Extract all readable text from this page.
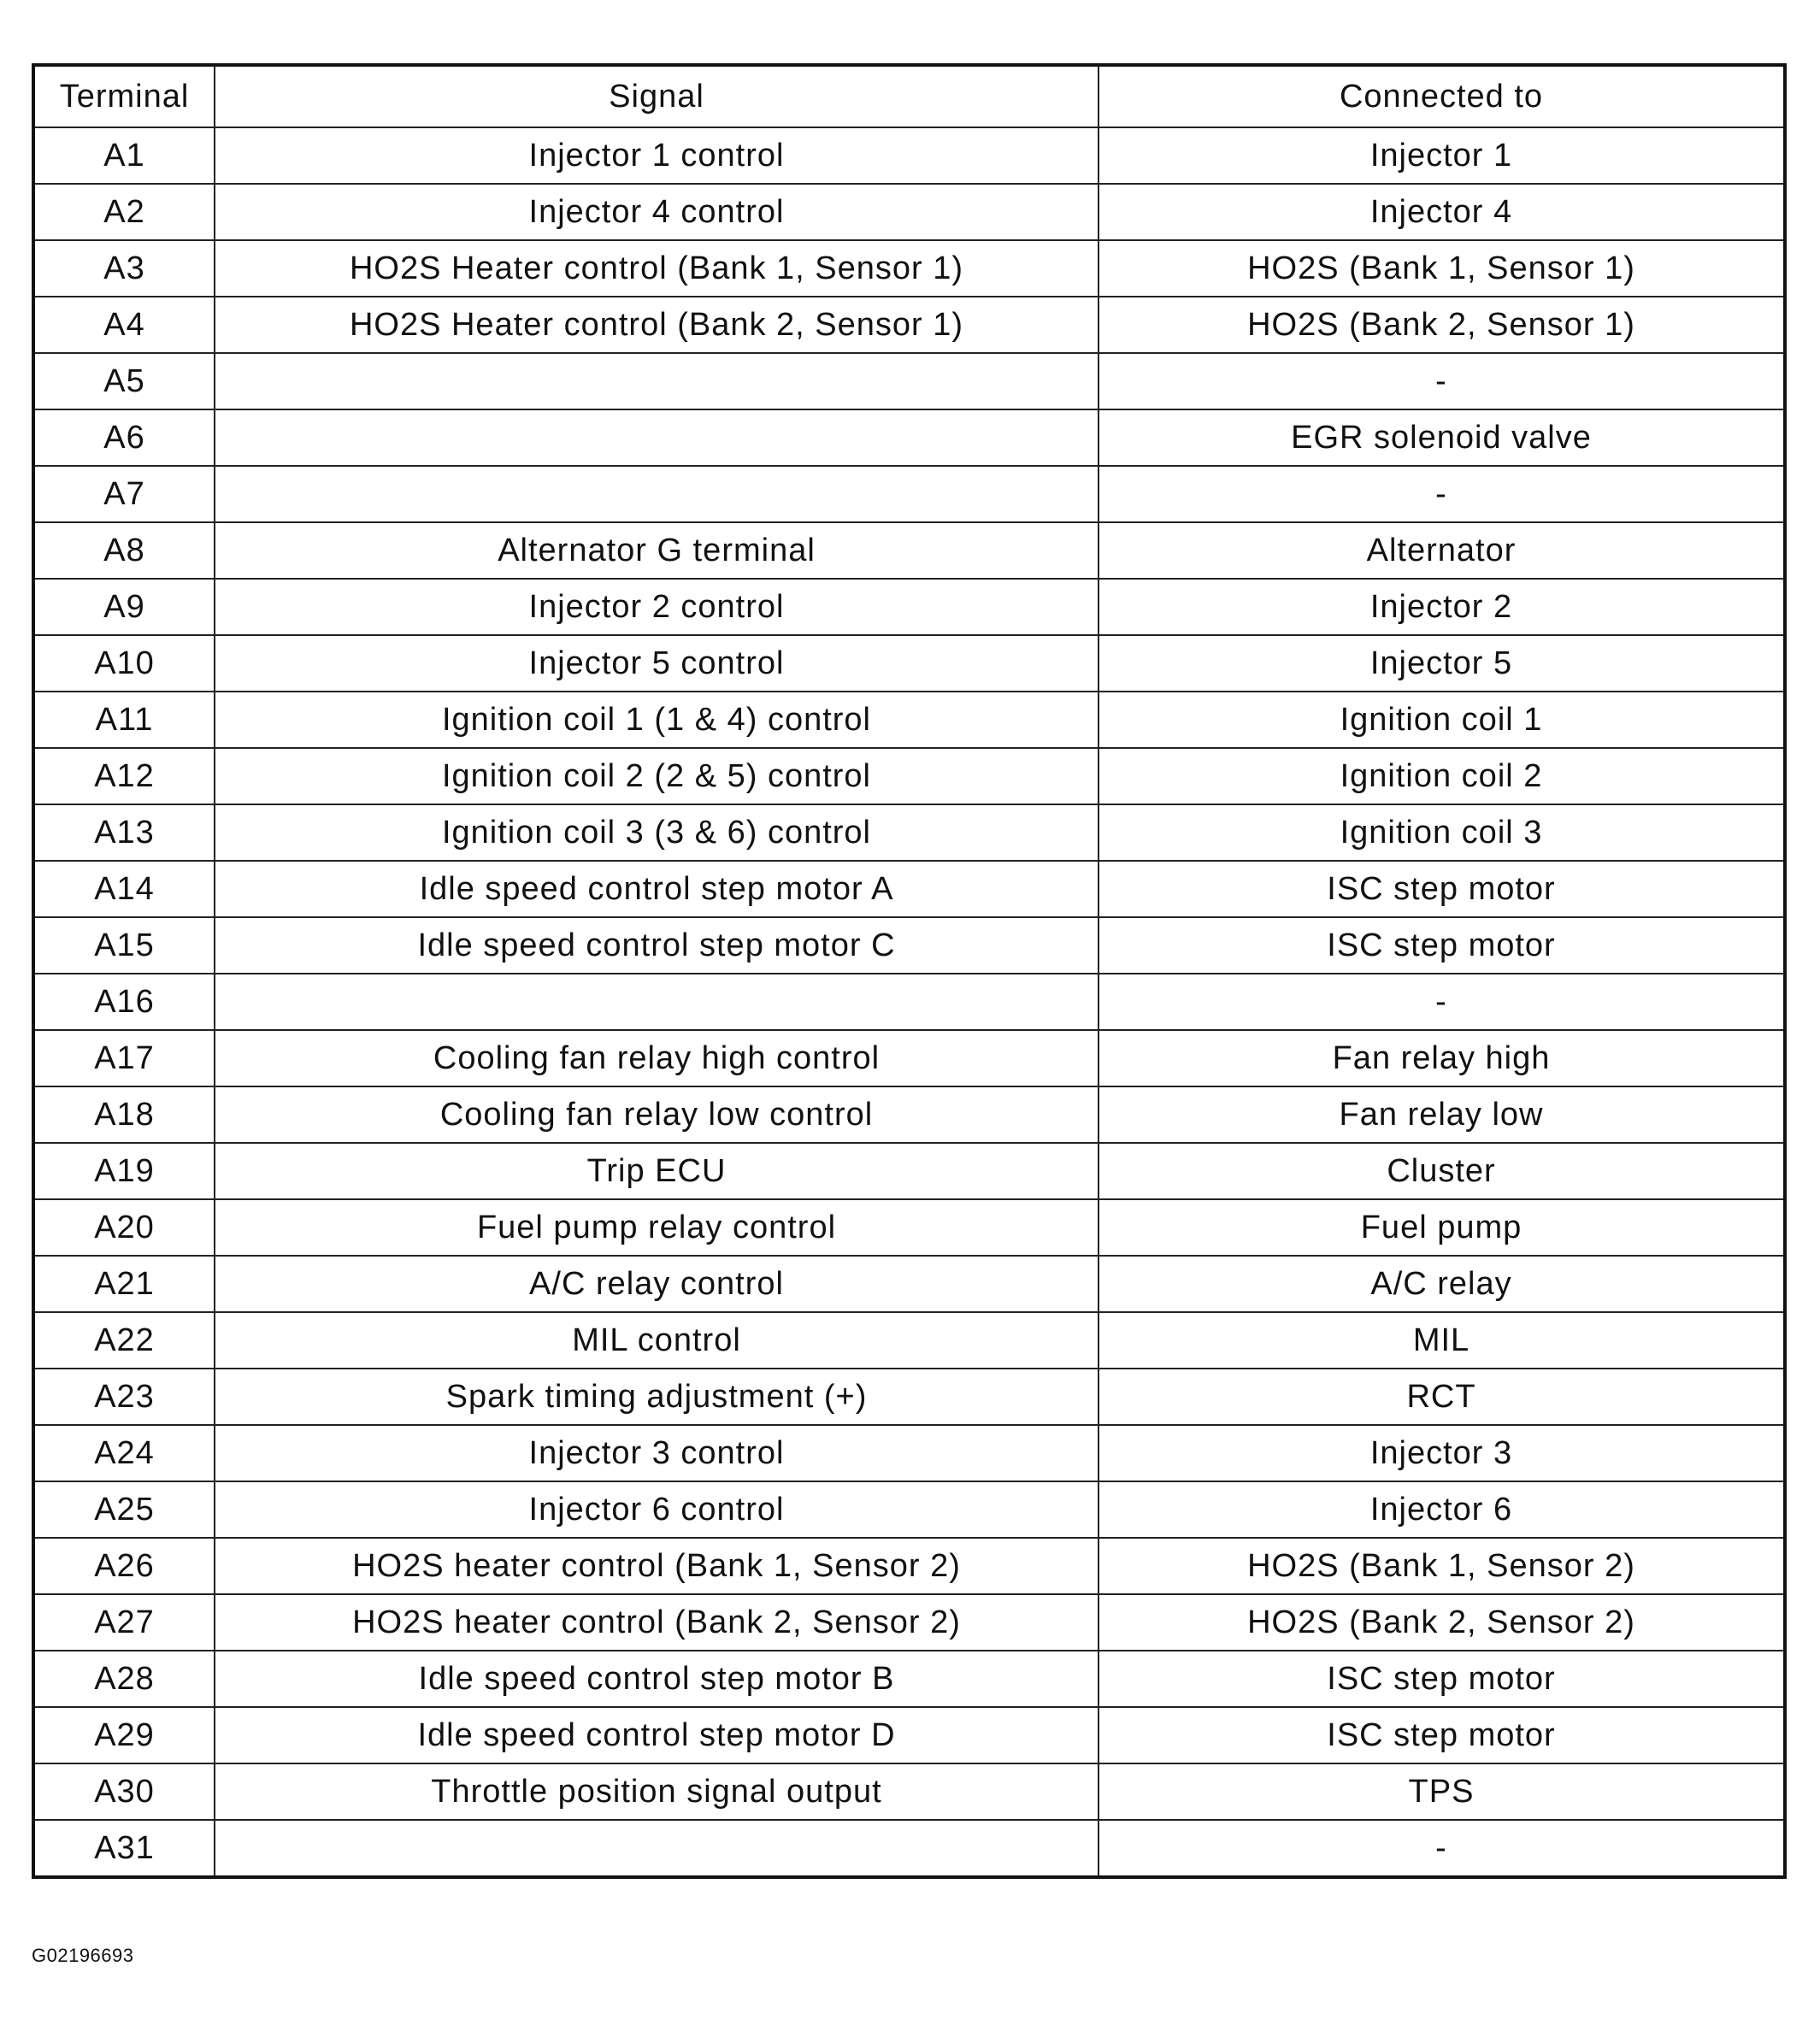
Terminal	Signal	Connected to
A1	Injector 1 control	Injector 1
A2	Injector 4 control	Injector 4
A3	HO2S Heater control (Bank 1, Sensor 1)	HO2S (Bank 1, Sensor 1)
A4	HO2S Heater control (Bank 2, Sensor 1)	HO2S (Bank 2, Sensor 1)
A5		-
A6		EGR solenoid valve
A7		-
A8	Alternator G terminal	Alternator
A9	Injector 2 control	Injector 2
A10	Injector 5 control	Injector 5
A11	Ignition coil 1 (1 & 4) control	Ignition coil 1
A12	Ignition coil 2 (2 & 5) control	Ignition coil 2
A13	Ignition coil 3 (3 & 6) control	Ignition coil 3
A14	Idle speed control step motor A	ISC step motor
A15	Idle speed control step motor C	ISC step motor
A16		-
A17	Cooling fan relay high control	Fan relay high
A18	Cooling fan relay low control	Fan relay low
A19	Trip ECU	Cluster
A20	Fuel pump relay control	Fuel pump
A21	A/C relay control	A/C relay
A22	MIL control	MIL
A23	Spark timing adjustment (+)	RCT
A24	Injector 3 control	Injector 3
A25	Injector 6 control	Injector 6
A26	HO2S heater control (Bank 1, Sensor 2)	HO2S (Bank 1, Sensor 2)
A27	HO2S heater control (Bank 2, Sensor 2)	HO2S (Bank 2, Sensor 2)
A28	Idle speed control step motor B	ISC step motor
A29	Idle speed control step motor D	ISC step motor
A30	Throttle position signal output	TPS
A31		-
G02196693
